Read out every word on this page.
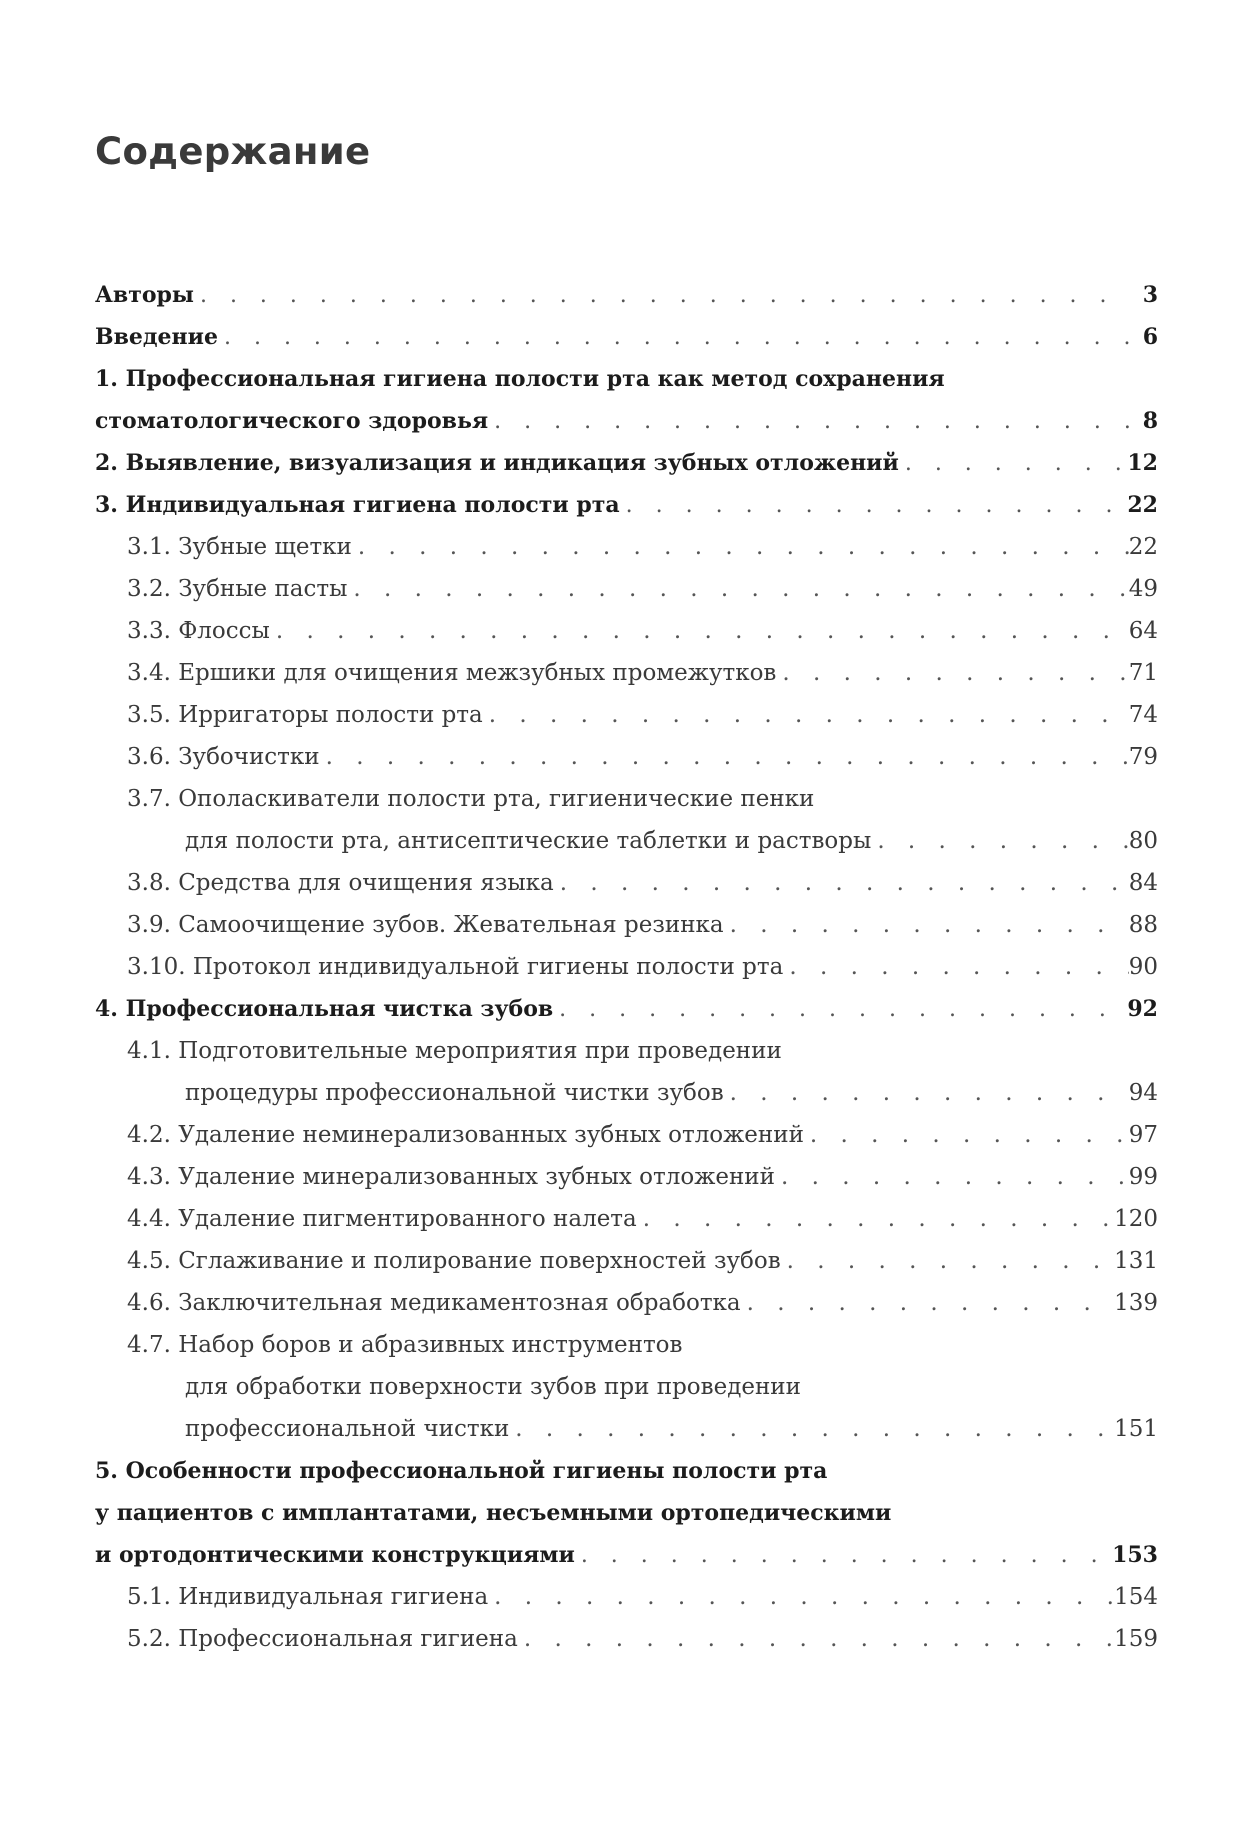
Содержание
Авторы . . .	3
Введение . . .	6
1. Профессиональная гигиена полости рта как метод сохранения
стоматологического здоровья . . .	8
2. Выявление, визуализация и индикация зубных отложений . . .	12
3. Индивидуальная гигиена полости рта . . .	22
3.1. Зубные щетки . . .	22
3.2. Зубные пасты . . .	49
3.3. Флоссы . . .	64
3.4. Ершики для очищения межзубных промежутков . . .	71
3.5. Ирригаторы полости рта . . .	74
3.6. Зубочистки . . .	79
3.7. Ополаскиватели полости рта, гигиенические пенки
для полости рта, антисептические таблетки и растворы . . .	80
3.8. Средства для очищения языка . . .	84
3.9. Самоочищение зубов. Жевательная резинка . . .	88
3.10. Протокол индивидуальной гигиены полости рта . . .	90
4. Профессиональная чистка зубов . . .	92
4.1. Подготовительные мероприятия при проведении
процедуры профессиональной чистки зубов . . .	94
4.2. Удаление неминерализованных зубных отложений . . .	97
4.3. Удаление минерализованных зубных отложений . . .	99
4.4. Удаление пигментированного налета . . .	120
4.5. Сглаживание и полирование поверхностей зубов . . .	131
4.6. Заключительная медикаментозная обработка . . .	139
4.7. Набор боров и абразивных инструментов
для обработки поверхности зубов при проведении
профессиональной чистки . . .	151
5. Особенности профессиональной гигиены полости рта
у пациентов с имплантатами, несъемными ортопедическими
и ортодонтическими конструкциями . . .	153
5.1. Индивидуальная гигиена . . .	154
5.2. Профессиональная гигиена . . .	159
